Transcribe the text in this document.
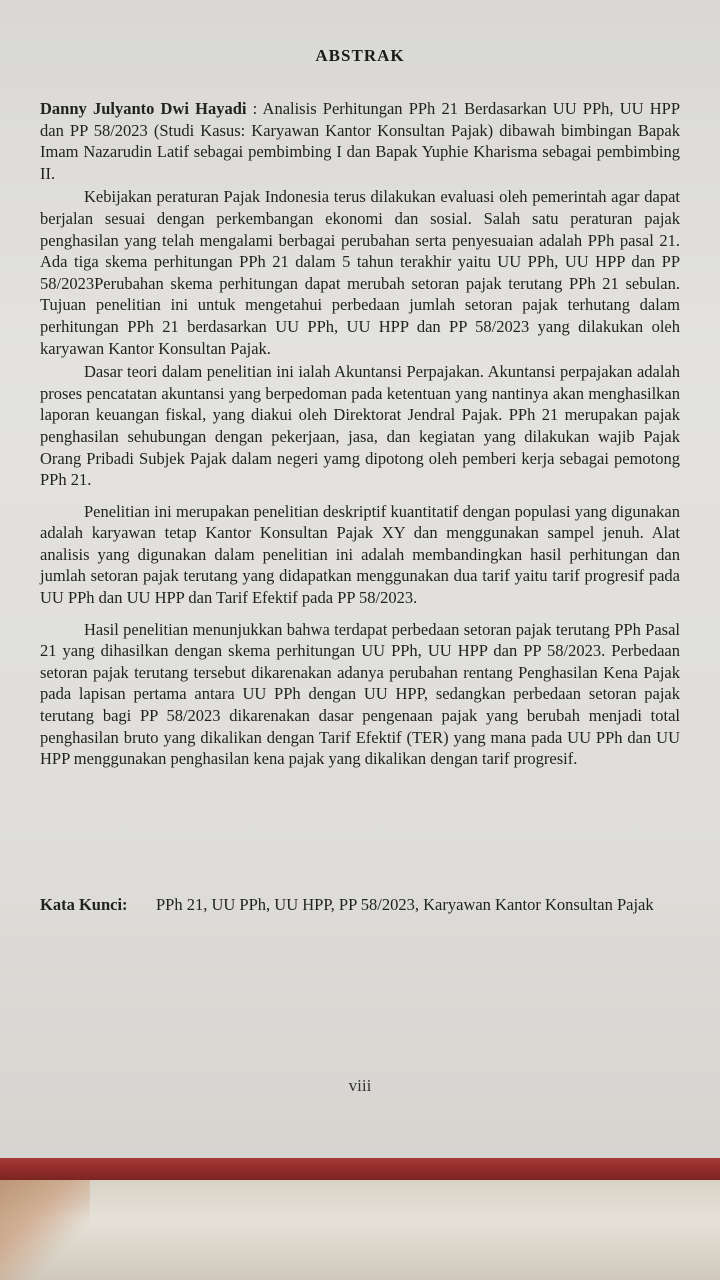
ABSTRAK

Danny Julyanto Dwi Hayadi : Analisis Perhitungan PPh 21 Berdasarkan UU PPh, UU HPP dan PP 58/2023 (Studi Kasus: Karyawan Kantor Konsultan Pajak) dibawah bimbingan Bapak Imam Nazarudin Latif sebagai pembimbing I dan Bapak Yuphie Kharisma sebagai pembimbing II.

Kebijakan peraturan Pajak Indonesia terus dilakukan evaluasi oleh pemerintah agar dapat berjalan sesuai dengan perkembangan ekonomi dan sosial. Salah satu peraturan pajak penghasilan yang telah mengalami berbagai perubahan serta penyesuaian adalah PPh pasal 21. Ada tiga skema perhitungan PPh 21 dalam 5 tahun terakhir yaitu UU PPh, UU HPP dan PP 58/2023Perubahan skema perhitungan dapat merubah setoran pajak terutang PPh 21 sebulan. Tujuan penelitian ini untuk mengetahui perbedaan jumlah setoran pajak terhutang dalam perhitungan PPh 21 berdasarkan UU PPh, UU HPP dan PP 58/2023 yang dilakukan oleh karyawan Kantor Konsultan Pajak.

Dasar teori dalam penelitian ini ialah Akuntansi Perpajakan. Akuntansi perpajakan adalah proses pencatatan akuntansi yang berpedoman pada ketentuan yang nantinya akan menghasilkan laporan keuangan fiskal, yang diakui oleh Direktorat Jendral Pajak. PPh 21 merupakan pajak penghasilan sehubungan dengan pekerjaan, jasa, dan kegiatan yang dilakukan wajib Pajak Orang Pribadi Subjek Pajak dalam negeri yamg dipotong oleh pemberi kerja sebagai pemotong PPh 21.

Penelitian ini merupakan penelitian deskriptif kuantitatif dengan populasi yang digunakan adalah karyawan tetap Kantor Konsultan Pajak XY dan menggunakan sampel jenuh. Alat analisis yang digunakan dalam penelitian ini adalah membandingkan hasil perhitungan dan jumlah setoran pajak terutang yang didapatkan menggunakan dua tarif yaitu tarif progresif pada UU PPh dan UU HPP dan Tarif Efektif pada PP 58/2023.

Hasil penelitian menunjukkan bahwa terdapat perbedaan setoran pajak terutang PPh Pasal 21 yang dihasilkan dengan skema perhitungan UU PPh, UU HPP dan PP 58/2023. Perbedaan setoran pajak terutang tersebut dikarenakan adanya perubahan rentang Penghasilan Kena Pajak pada lapisan pertama antara UU PPh dengan UU HPP, sedangkan perbedaan setoran pajak terutang bagi PP 58/2023 dikarenakan dasar pengenaan pajak yang berubah menjadi total penghasilan bruto yang dikalikan dengan Tarif Efektif (TER) yang mana pada UU PPh dan UU HPP menggunakan penghasilan kena pajak yang dikalikan dengan tarif progresif.

Kata Kunci:	PPh 21, UU PPh, UU HPP, PP 58/2023, Karyawan Kantor Konsultan Pajak
viii
